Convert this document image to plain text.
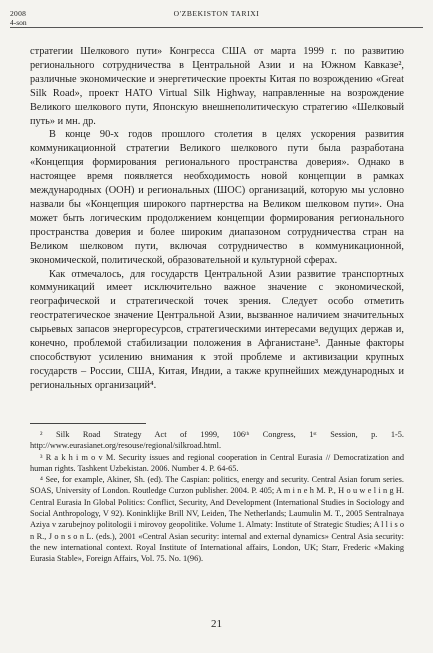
2008
4-son
O'ZBEKISTON TARIXI

стратегии Шелкового пути» Конгресса США от марта 1999 г. по развитию регионального сотрудничества в Центральной Азии и на Южном Кавказе², различные экономические и энергетические проекты Китая по возрождению «Great Silk Road», проект НАТО Virtual Silk Highway, направленные на возрождение Великого шелкового пути, Японскую внешнеполитическую стратегию «Шелковый путь» и мн. др.

В конце 90-х годов прошлого столетия в целях ускорения развития коммуникационной стратегии Великого шелкового пути была разработана «Концепция формирования регионального пространства доверия». Однако в настоящее время появляется необходимость новой концепции в рамках международных (ООН) и региональных (ШОС) организаций, которую мы условно назвали бы «Концепция широкого партнерства на Великом шелковом пути». Она может быть логическим продолжением концепции формирования регионального пространства доверия и более широким диапазоном сотрудничества стран на Великом шелковом пути, включая сотрудничество в коммуникационной, экономической, политической, образовательной и культурной сферах.

Как отмечалось, для государств Центральной Азии развитие транспортных коммуникаций имеет исключительно важное значение с экономической, географической и стратегической точек зрения. Следует особо отметить геостратегическое значение Центральной Азии, вызванное наличием значительных сырьевых запасов энергоресурсов, стратегическими интересами ведущих держав и, конечно, проблемой стабилизации положения в Афганистане³. Данные факторы способствуют усилению внимания к этой проблеме и активизации крупных государств – России, США, Китая, Индии, а также крупнейших международных и региональных организаций⁴.

² Silk Road Strategy Act of 1999, 106ᵗʰ Congress, 1ˢᵗ Session, p. 1-5. http://www.eurasianet.org/resouse/regional/silkroad.html.

³ R a k h i m o v M. Security issues and regional cooperation in Central Eurasia // Democratization and human rights. Tashkent Uzbekistan. 2006. Number 4. P. 64-65.

⁴ See, for example, Akiner, Sh. (ed). The Caspian: politics, energy and security. Central Asian forum series. SOAS, University of London. Routledge Curzon publisher. 2004. P. 405; A m i n e h M. P., H o u w e l i n g H. Central Eurasia In Global Politics: Conflict, Security, And Development (International Studies in Sociology and Social Anthropology, V 92). Koninklijke Brill NV, Leiden, The Netherlands; Laumulin M. T., 2005 Sentralnaya Aziya v zarubejnoy politologii i mirovoy geopolitike. Volume 1. Almaty: Institute of Strategic Studies; A l l i s o n R., J o n s o n L. (eds.), 2001 «Central Asian security: internal and external dynamics» Central Asia security: the new international context. Royal Institute of International affairs, London, UK; Starr, Frederic «Making Eurasia Stable», Foreign Affairs, Vol. 75. No. 1(96).

21
